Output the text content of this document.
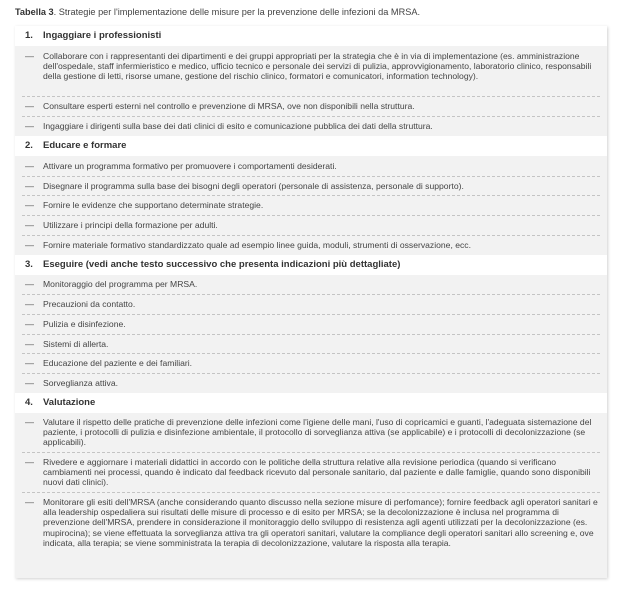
Tabella 3. Strategie per l'implementazione delle misure per la prevenzione delle infezioni da MRSA.
1. Ingaggiare i professionisti
— Collaborare con i rappresentanti dei dipartimenti e dei gruppi appropriati per la strategia che è in via di implementazione (es. amministrazione dell'ospedale, staff infermieristico e medico, ufficio tecnico e personale dei servizi di pulizia, approvvigionamento, laboratorio clinico, responsabili della gestione di letti, risorse umane, gestione del rischio clinico, formatori e comunicatori, information technology).
— Consultare esperti esterni nel controllo e prevenzione di MRSA, ove non disponibili nella struttura.
— Ingaggiare i dirigenti sulla base dei dati clinici di esito e comunicazione pubblica dei dati della struttura.
2. Educare e formare
— Attivare un programma formativo per promuovere i comportamenti desiderati.
— Disegnare il programma sulla base dei bisogni degli operatori (personale di assistenza, personale di supporto).
— Fornire le evidenze che supportano determinate strategie.
— Utilizzare i principi della formazione per adulti.
— Fornire materiale formativo standardizzato quale ad esempio linee guida, moduli, strumenti di osservazione, ecc.
3. Eseguire (vedi anche testo successivo che presenta indicazioni più dettagliate)
— Monitoraggio del programma per MRSA.
— Precauzioni da contatto.
— Pulizia e disinfezione.
— Sistemi di allerta.
— Educazione del paziente e dei familiari.
— Sorveglianza attiva.
4. Valutazione
— Valutare il rispetto delle pratiche di prevenzione delle infezioni come l'igiene delle mani, l'uso di copricamici e guanti, l'adeguata sistemazione del paziente, i protocolli di pulizia e disinfezione ambientale, il protocollo di sorveglianza attiva (se applicabile) e i protocolli di decolonizzazione (se applicabili).
— Rivedere e aggiornare i materiali didattici in accordo con le politiche della struttura relative alla revisione periodica (quando si verificano cambiamenti nei processi, quando è indicato dal feedback ricevuto dal personale sanitario, dal paziente e dalle famiglie, quando sono disponibili nuovi dati clinici).
— Monitorare gli esiti dell'MRSA (anche considerando quanto discusso nella sezione misure di perfomance); fornire feedback agli operatori sanitari e alla leadership ospedaliera sui risultati delle misure di processo e di esito per MRSA; se la decolonizzazione è inclusa nel programma di prevenzione dell'MRSA, prendere in considerazione il monitoraggio dello sviluppo di resistenza agli agenti utilizzati per la decolonizzazione (es. mupirocina); se viene effettuata la sorveglianza attiva tra gli operatori sanitari, valutare la compliance degli operatori sanitari allo screening e, ove indicata, alla terapia; se viene somministrata la terapia di decolonizzazione, valutare la risposta alla terapia.
